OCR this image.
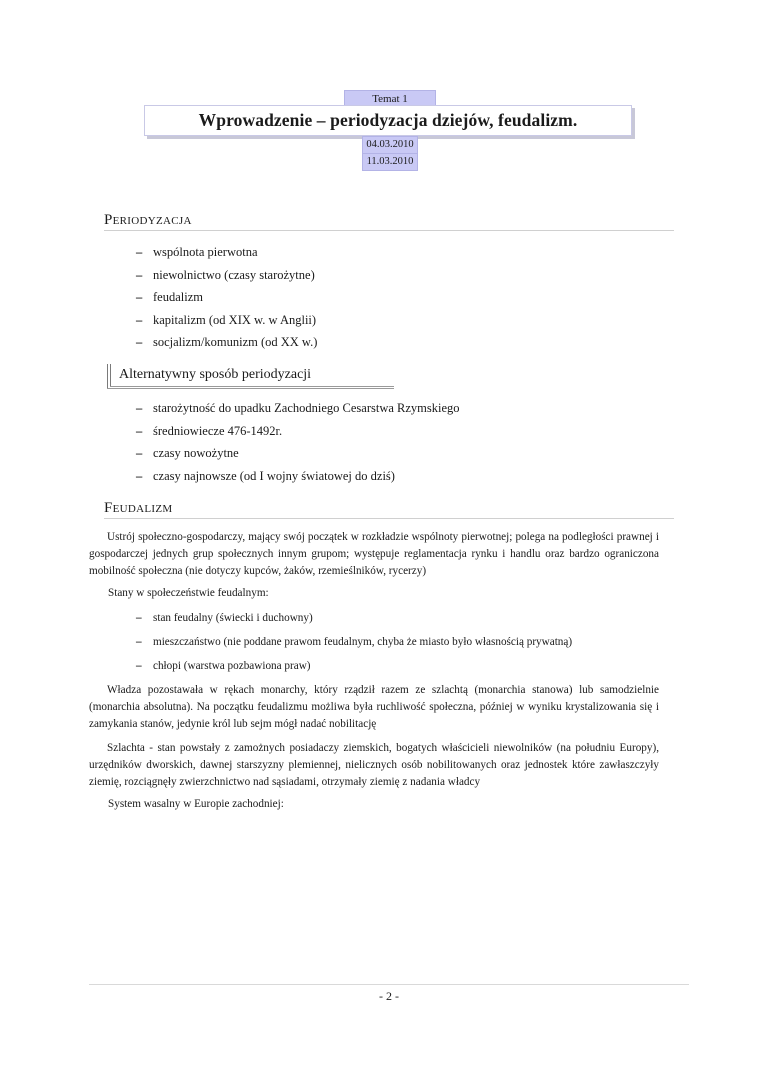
Temat 1
Wprowadzenie – periodyzacja dziejów, feudalizm.
04.03.2010
11.03.2010
Periodyzacja
– wspólnota pierwotna
– niewolnictwo (czasy starożytne)
– feudalizm
– kapitalizm (od XIX w. w Anglii)
– socjalizm/komunizm (od XX w.)
Alternatywny sposób periodyzacji
– starożytność do upadku Zachodniego Cesarstwa Rzymskiego
– średniowiecze 476-1492r.
– czasy nowożytne
– czasy najnowsze (od I wojny światowej do dziś)
Feudalizm

Ustrój społeczno-gospodarczy, mający swój początek w rozkładzie wspólnoty pierwotnej; polega na podległości prawnej i gospodarczej jednych grup społecznych innym grupom; występuje reglamentacja rynku i handlu oraz bardzo ograniczona mobilność społeczna (nie dotyczy kupców, żaków, rzemieślników, rycerzy)

Stany w społeczeństwie feudalnym:

– stan feudalny (świecki i duchowny)
– mieszczaństwo (nie poddane prawom feudalnym, chyba że miasto było własnością prywatną)
– chłopi (warstwa pozbawiona praw)

Władza pozostawała w rękach monarchy, który rządził razem ze szlachtą (monarchia stanowa) lub samodzielnie (monarchia absolutna). Na początku feudalizmu możliwa była ruchliwość społeczna, później w wyniku krystalizowania się i zamykania stanów, jedynie król lub sejm mógł nadać nobilitację

Szlachta - stan powstały z zamożnych posiadaczy ziemskich, bogatych właścicieli niewolników (na południu Europy), urzędników dworskich, dawnej starszyzny plemiennej, nielicznych osób nobilitowanych oraz jednostek które zawłaszczyły ziemię, rozciągnęły zwierzchnictwo nad sąsiadami, otrzymały ziemię z nadania władcy

System wasalny w Europie zachodniej:

- 2 -
